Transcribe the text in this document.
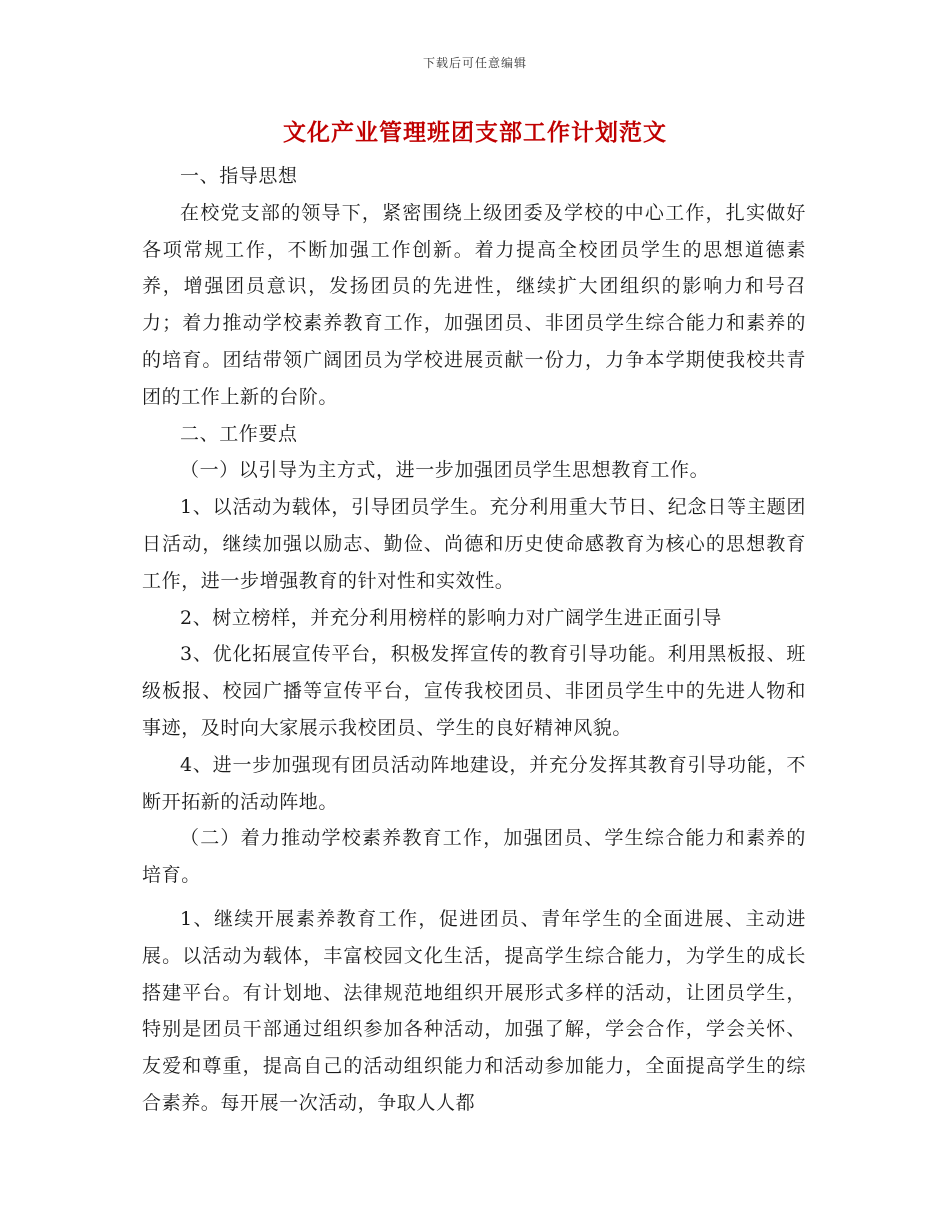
下载后可任意编辑
文化产业管理班团支部工作计划范文

一、指导思想

在校党支部的领导下，紧密围绕上级团委及学校的中心工作，扎实做好各项常规工作，不断加强工作创新。着力提高全校团员学生的思想道德素养，增强团员意识，发扬团员的先进性，继续扩大团组织的影响力和号召力；着力推动学校素养教育工作，加强团员、非团员学生综合能力和素养的的培育。团结带领广阔团员为学校进展贡献一份力，力争本学期使我校共青团的工作上新的台阶。

二、工作要点

（一）以引导为主方式，进一步加强团员学生思想教育工作。

1、以活动为载体，引导团员学生。充分利用重大节日、纪念日等主题团日活动，继续加强以励志、勤俭、尚德和历史使命感教育为核心的思想教育工作，进一步增强教育的针对性和实效性。

2、树立榜样，并充分利用榜样的影响力对广阔学生进正面引导

3、优化拓展宣传平台，积极发挥宣传的教育引导功能。利用黑板报、班级板报、校园广播等宣传平台，宣传我校团员、非团员学生中的先进人物和事迹，及时向大家展示我校团员、学生的良好精神风貌。

4、进一步加强现有团员活动阵地建设，并充分发挥其教育引导功能，不断开拓新的活动阵地。

（二）着力推动学校素养教育工作，加强团员、学生综合能力和素养的培育。

1、继续开展素养教育工作，促进团员、青年学生的全面进展、主动进展。以活动为载体，丰富校园文化生活，提高学生综合能力，为学生的成长搭建平台。有计划地、法律规范地组织开展形式多样的活动，让团员学生，特别是团员干部通过组织参加各种活动，加强了解，学会合作，学会关怀、友爱和尊重，提高自己的活动组织能力和活动参加能力，全面提高学生的综合素养。每开展一次活动，争取人人都
